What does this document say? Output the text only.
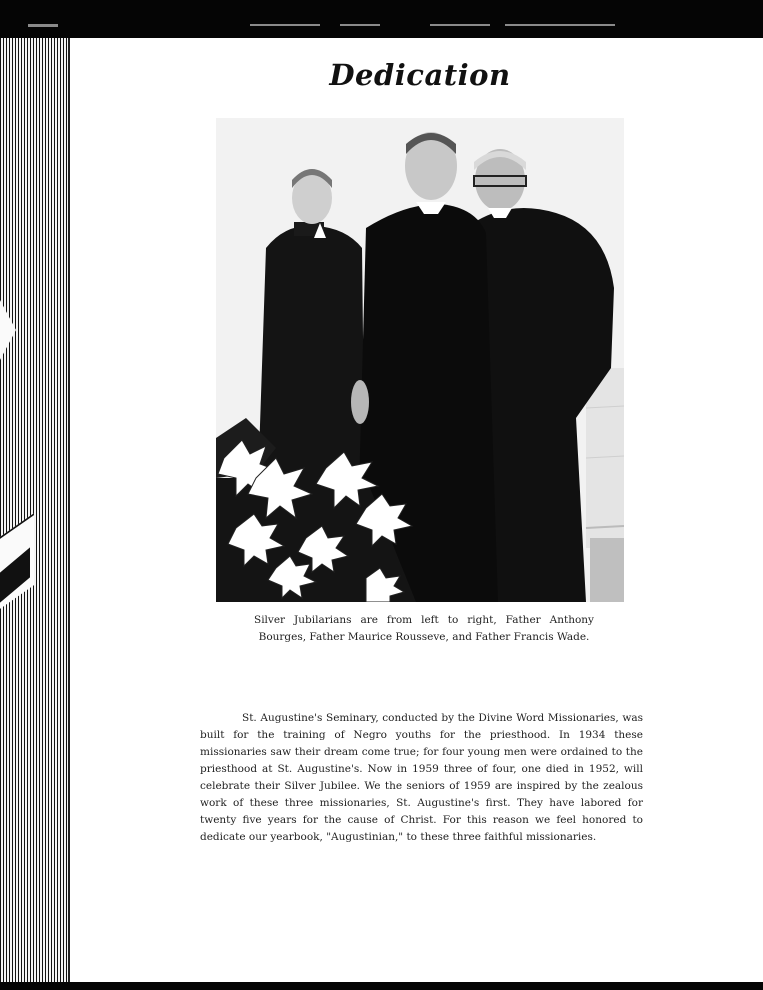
Dedication
Silver Jubilarians are from left to right, Father Anthony Bourges, Father Maurice Rousseve, and Father Francis Wade.

St. Augustine's Seminary, conducted by the Divine Word Missionaries, was built for the training of Negro youths for the priesthood. In 1934 these missionaries saw their dream come true; for four young men were ordained to the priesthood at St. Augustine's. Now in 1959 three of four, one died in 1952, will celebrate their Silver Jubilee. We the seniors of 1959 are inspired by the zealous work of these three missionaries, St. Augustine's first. They have labored for twenty five years for the cause of Christ. For this reason we feel honored to dedicate our yearbook, "Augustinian," to these three faithful missionaries.
